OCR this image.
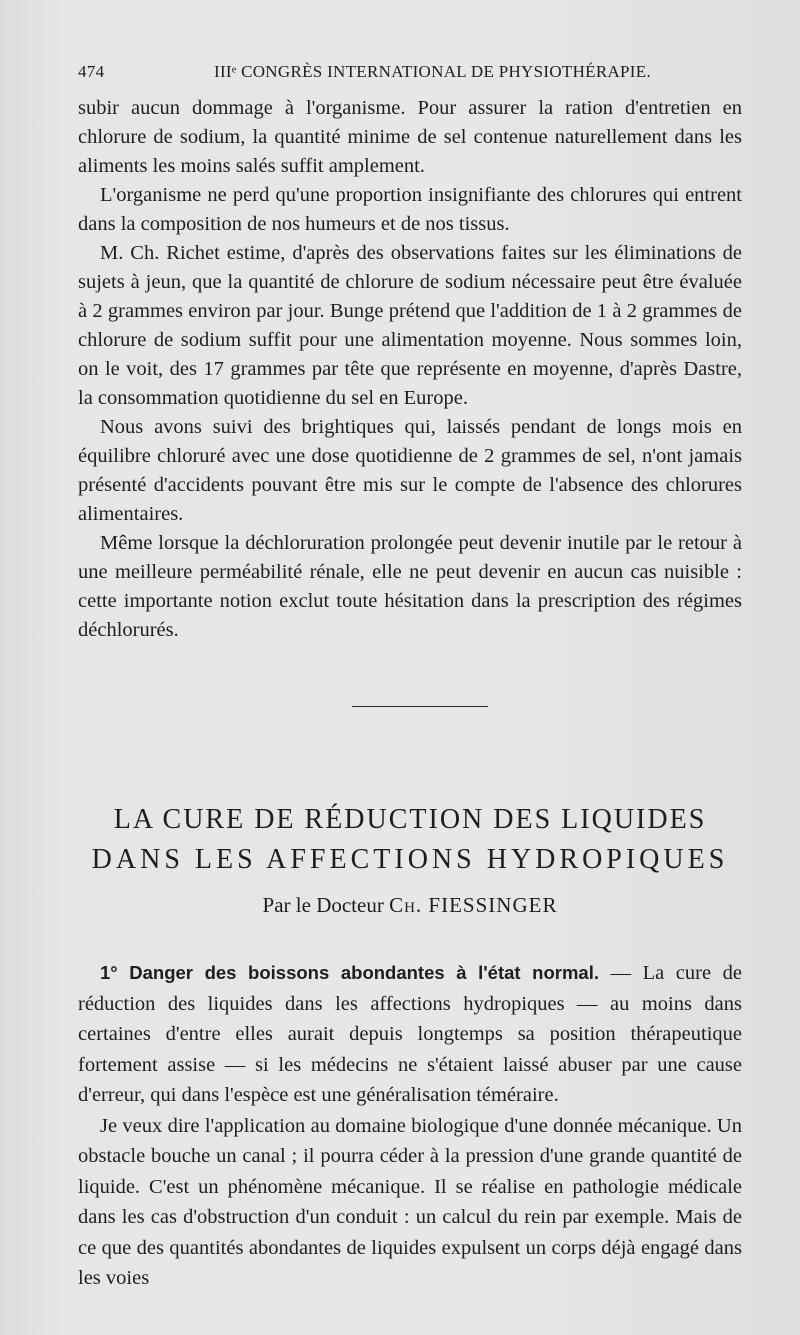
474	IIIᵉ CONGRÈS INTERNATIONAL DE PHYSIOTHÉRAPIE.

subir aucun dommage à l'organisme. Pour assurer la ration d'entretien en chlorure de sodium, la quantité minime de sel contenue naturellement dans les aliments les moins salés suffit amplement.

L'organisme ne perd qu'une proportion insignifiante des chlorures qui entrent dans la composition de nos humeurs et de nos tissus.

M. Ch. Richet estime, d'après des observations faites sur les éliminations de sujets à jeun, que la quantité de chlorure de sodium nécessaire peut être évaluée à 2 grammes environ par jour. Bunge prétend que l'addition de 1 à 2 grammes de chlorure de sodium suffit pour une alimentation moyenne. Nous sommes loin, on le voit, des 17 grammes par tête que représente en moyenne, d'après Dastre, la consommation quotidienne du sel en Europe.

Nous avons suivi des brightiques qui, laissés pendant de longs mois en équilibre chloruré avec une dose quotidienne de 2 grammes de sel, n'ont jamais présenté d'accidents pouvant être mis sur le compte de l'absence des chlorures alimentaires.

Même lorsque la déchloruration prolongée peut devenir inutile par le retour à une meilleure perméabilité rénale, elle ne peut devenir en aucun cas nuisible : cette importante notion exclut toute hésitation dans la prescription des régimes déchlorurés.

LA CURE DE RÉDUCTION DES LIQUIDES
DANS LES AFFECTIONS HYDROPIQUES
Par le Docteur Ch. FIESSINGER

1° Danger des boissons abondantes à l'état normal. — La cure de réduction des liquides dans les affections hydropiques — au moins dans certaines d'entre elles aurait depuis longtemps sa position thérapeutique fortement assise — si les médecins ne s'étaient laissé abuser par une cause d'erreur, qui dans l'espèce est une généralisation téméraire.

Je veux dire l'application au domaine biologique d'une donnée mécanique. Un obstacle bouche un canal ; il pourra céder à la pression d'une grande quantité de liquide. C'est un phénomène mécanique. Il se réalise en pathologie médicale dans les cas d'obstruction d'un conduit : un calcul du rein par exemple. Mais de ce que des quantités abondantes de liquides expulsent un corps déjà engagé dans les voies
